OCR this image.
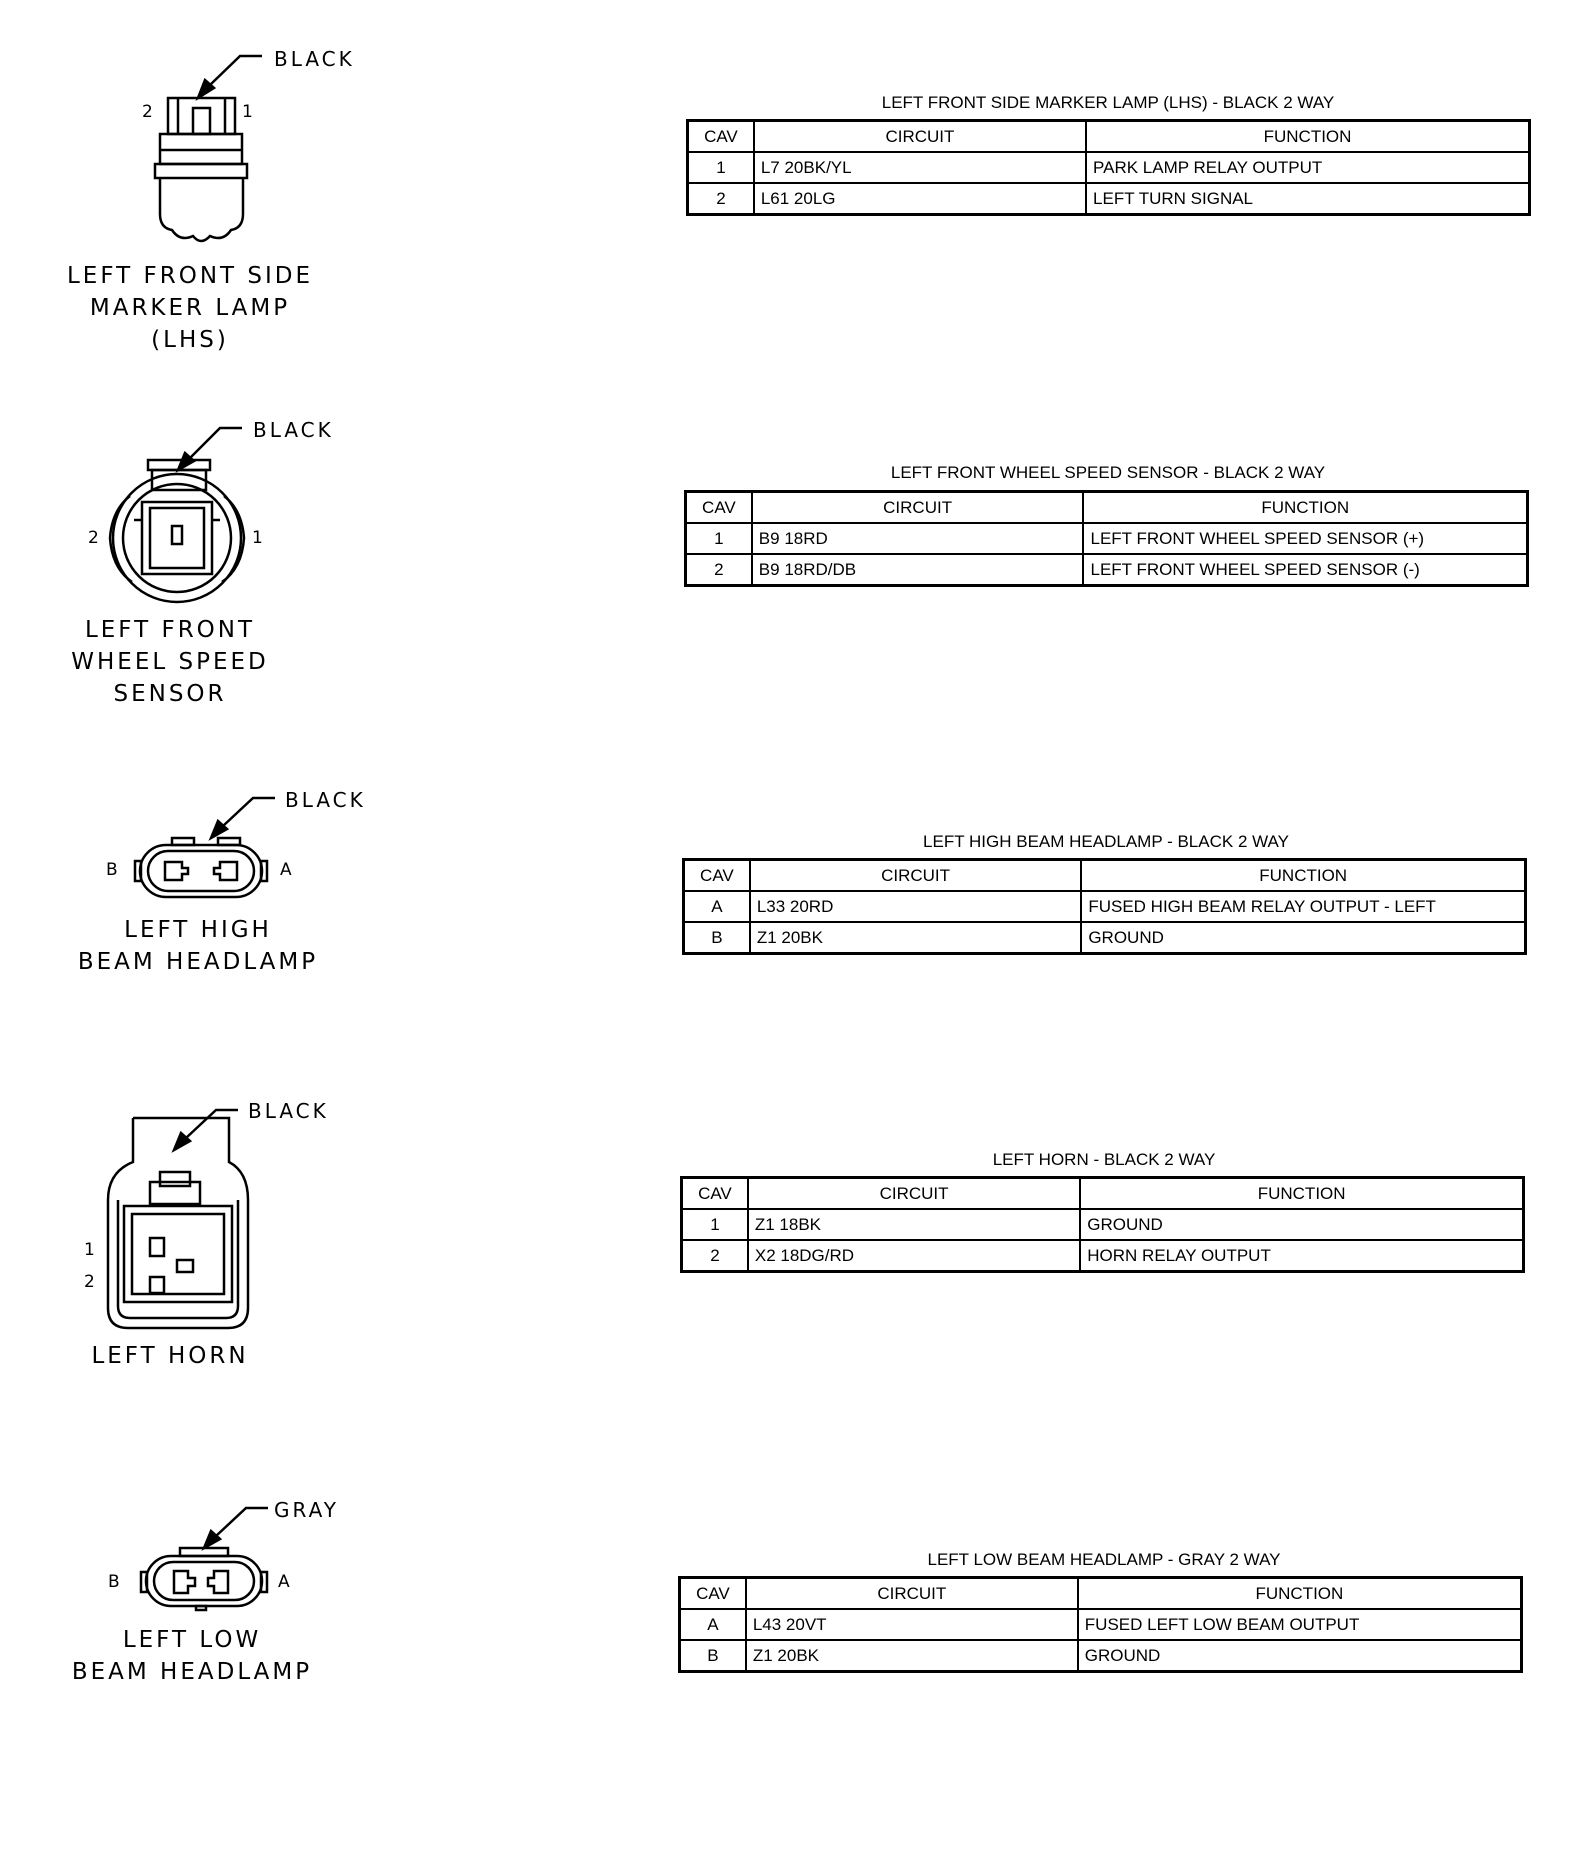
BLACK
2	1
LEFT FRONT SIDE
MARKER LAMP
(LHS)
LEFT FRONT SIDE MARKER LAMP (LHS) - BLACK 2 WAY
CAV	CIRCUIT	FUNCTION
1	L7 20BK/YL	PARK LAMP RELAY OUTPUT
2	L61 20LG	LEFT TURN SIGNAL
BLACK
2	1
LEFT FRONT
WHEEL SPEED
SENSOR
LEFT FRONT WHEEL SPEED SENSOR - BLACK 2 WAY
CAV	CIRCUIT	FUNCTION
1	B9 18RD	LEFT FRONT WHEEL SPEED SENSOR (+)
2	B9 18RD/DB	LEFT FRONT WHEEL SPEED SENSOR (-)
BLACK
B	A
LEFT HIGH
BEAM HEADLAMP
LEFT HIGH BEAM HEADLAMP - BLACK 2 WAY
CAV	CIRCUIT	FUNCTION
A	L33 20RD	FUSED HIGH BEAM RELAY OUTPUT - LEFT
B	Z1 20BK	GROUND
BLACK
1
2
LEFT HORN
LEFT HORN - BLACK 2 WAY
CAV	CIRCUIT	FUNCTION
1	Z1 18BK	GROUND
2	X2 18DG/RD	HORN RELAY OUTPUT
GRAY
B	A
LEFT LOW
BEAM HEADLAMP
LEFT LOW BEAM HEADLAMP - GRAY 2 WAY
CAV	CIRCUIT	FUNCTION
A	L43 20VT	FUSED LEFT LOW BEAM OUTPUT
B	Z1 20BK	GROUND
